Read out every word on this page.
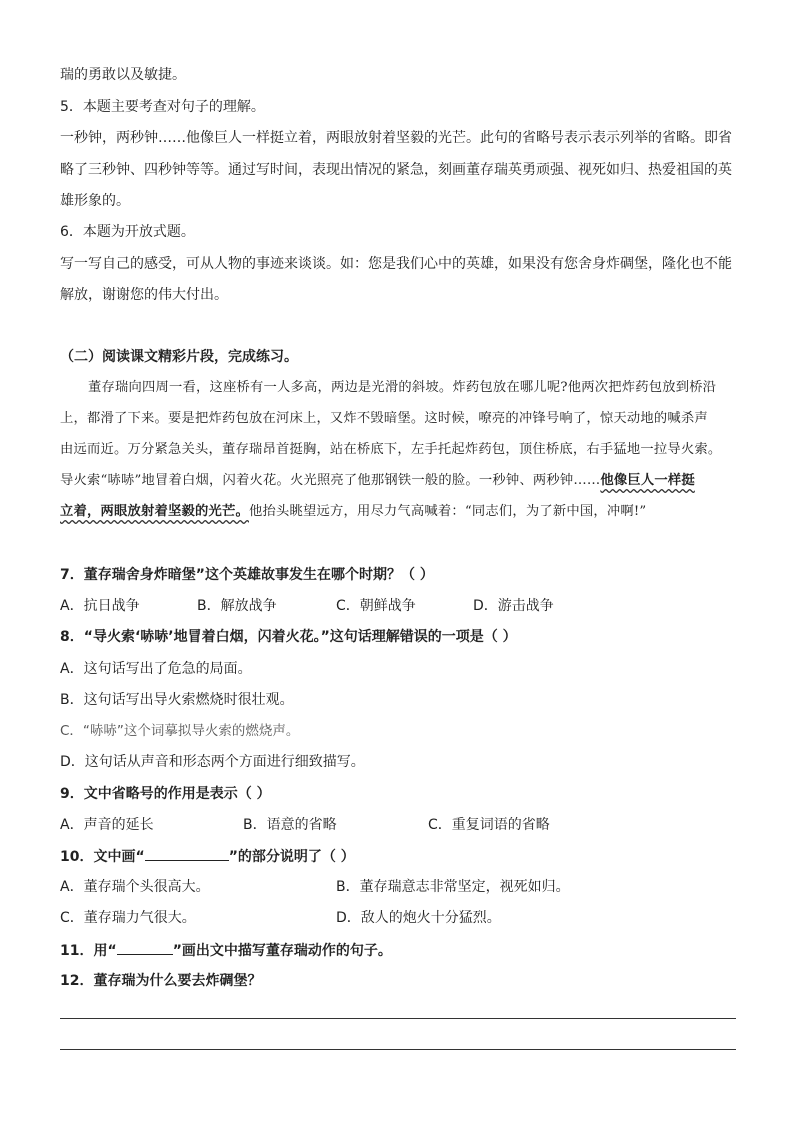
瑞的勇敢以及敏捷。
5．本题主要考查对句子的理解。
一秒钟，两秒钟……他像巨人一样挺立着，两眼放射着坚毅的光芒。此句的省略号表示表示列举的省略。即省
略了三秒钟、四秒钟等等。通过写时间，表现出情况的紧急，刻画董存瑞英勇顽强、视死如归、热爱祖国的英
雄形象的。
6．本题为开放式题。
写一写自己的感受，可从人物的事迹来谈谈。如：您是我们心中的英雄，如果没有您舍身炸碉堡，隆化也不能
解放，谢谢您的伟大付出。
（二）阅读课文精彩片段，完成练习。
董存瑞向四周一看，这座桥有一人多高，两边是光滑的斜坡。炸药包放在哪儿呢?他两次把炸药包放到桥沿
上，都滑了下来。要是把炸药包放在河床上，又炸不毁暗堡。这时候，嘹亮的冲锋号响了，惊天动地的喊杀声
由远而近。万分紧急关头，董存瑞昂首挺胸，站在桥底下，左手托起炸药包，顶住桥底，右手猛地一拉导火索。
导火索“哧哧”地冒着白烟，闪着火花。火光照亮了他那钢铁一般的脸。一秒钟、两秒钟……他像巨人一样挺
立着，两眼放射着坚毅的光芒。他抬头眺望远方，用尽力气高喊着：“同志们，为了新中国，冲啊!”
7．董存瑞舍身炸暗堡”这个英雄故事发生在哪个时期？（ ）
A．抗日战争	B．解放战争	C．朝鲜战争	D．游击战争
8．“导火索‘哧哧’地冒着白烟，闪着火花。”这句话理解错误的一项是（ ）
A．这句话写出了危急的局面。
B．这句话写出导火索燃烧时很壮观。
C．“哧哧”这个词摹拟导火索的燃烧声。
D．这句话从声音和形态两个方面进行细致描写。
9．文中省略号的作用是表示（ ）
A．声音的延长	B．语意的省略	C．重复词语的省略
10．文中画“	”的部分说明了（ ）
A．董存瑞个头很高大。	B．董存瑞意志非常坚定，视死如归。
C．董存瑞力气很大。	D．敌人的炮火十分猛烈。
11．用“	”画出文中描写董存瑞动作的句子。
12．董存瑞为什么要去炸碉堡？
